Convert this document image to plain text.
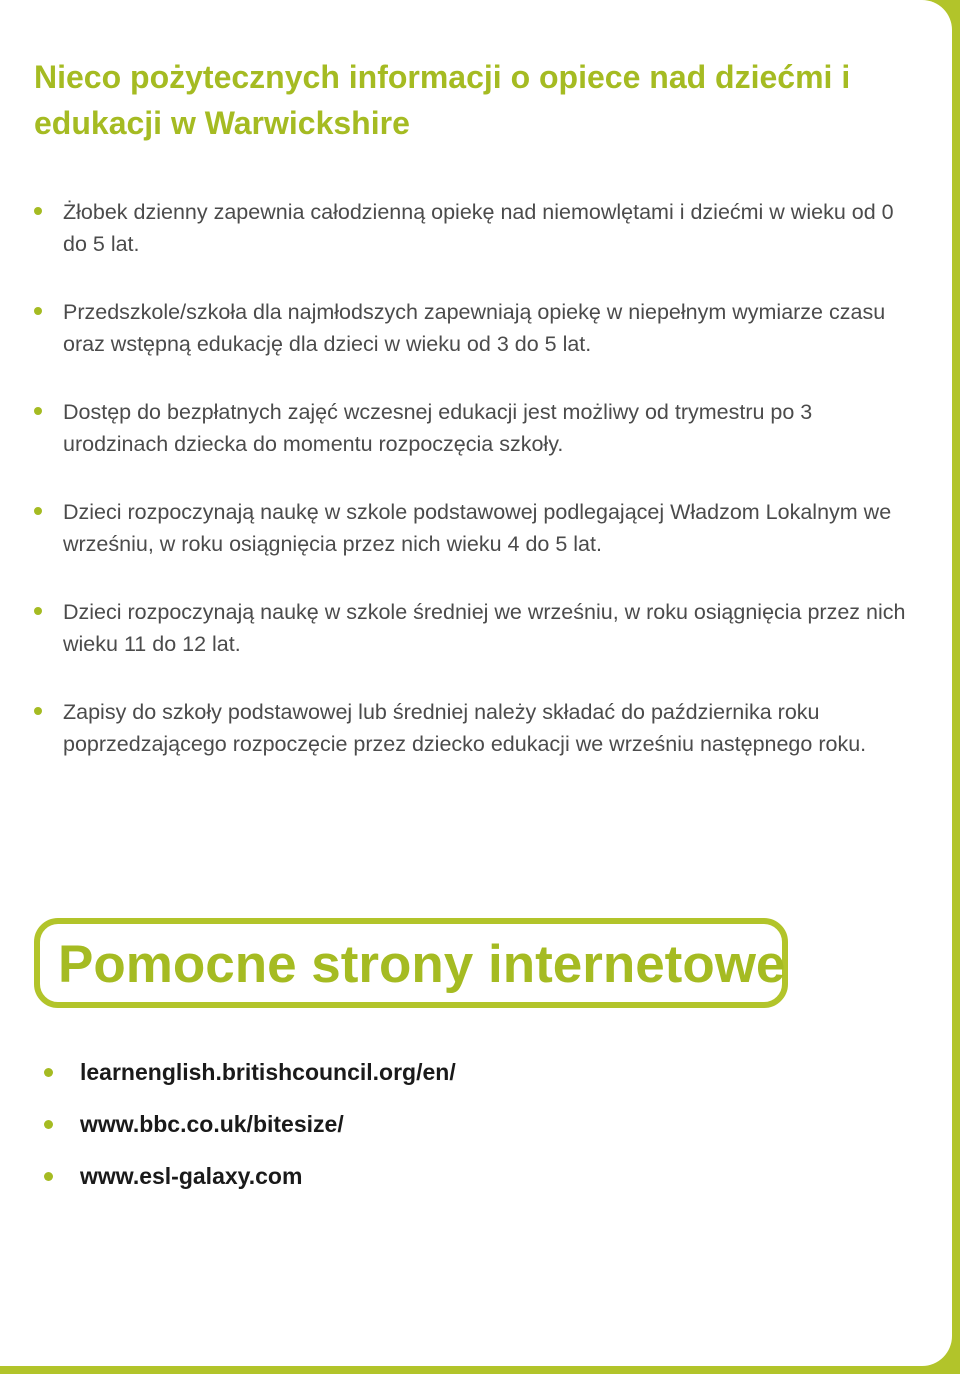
Nieco pożytecznych informacji o opiece nad dziećmi i edukacji w Warwickshire
Żłobek dzienny zapewnia całodzienną opiekę nad niemowlętami i dziećmi w wieku od 0 do 5 lat.
Przedszkole/szkoła dla najmłodszych zapewniają opiekę w niepełnym wymiarze czasu oraz wstępną edukację dla dzieci w wieku od 3 do 5 lat.
Dostęp do bezpłatnych zajęć wczesnej edukacji jest możliwy od trymestru po 3 urodzinach dziecka do momentu rozpoczęcia szkoły.
Dzieci rozpoczynają naukę w szkole podstawowej podlegającej Władzom Lokalnym we wrześniu, w roku osiągnięcia przez nich wieku 4 do 5 lat.
Dzieci rozpoczynają naukę w szkole średniej we wrześniu, w roku osiągnięcia przez nich wieku 11 do 12 lat.
Zapisy do szkoły podstawowej lub średniej należy składać do października roku poprzedzającego rozpoczęcie przez dziecko edukacji we wrześniu następnego roku.
Pomocne strony internetowe
learnenglish.britishcouncil.org/en/
www.bbc.co.uk/bitesize/
www.esl-galaxy.com
